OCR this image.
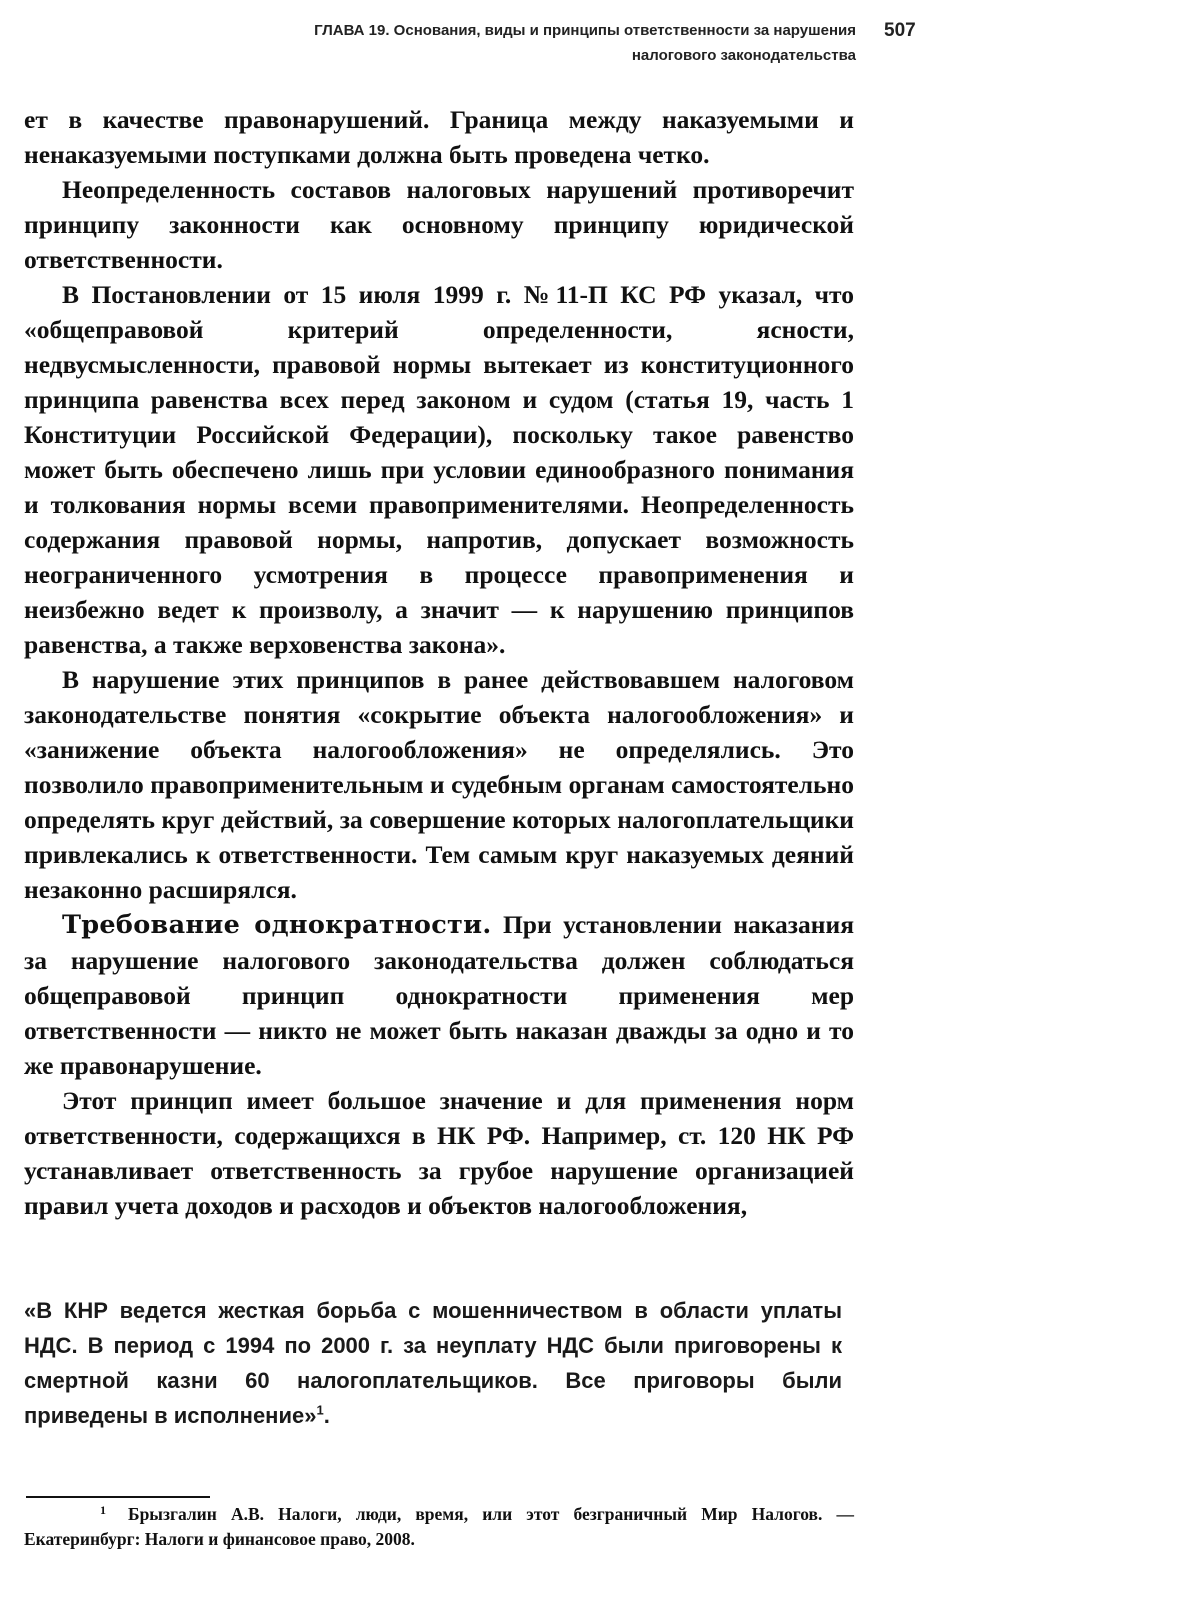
ГЛАВА 19. Основания, виды и принципы ответственности за нарушения
налогового законодательства
507

ет в качестве правонарушений. Граница между наказуемыми и ненаказуемыми поступками должна быть проведена четко.

Неопределенность составов налоговых нарушений противоречит принципу законности как основному принципу юридической ответственности.

В Постановлении от 15 июля 1999 г. №11-П КС РФ указал, что «общеправовой критерий определенности, ясности, недвусмысленности, правовой нормы вытекает из конституционного принципа равенства всех перед законом и судом (статья 19, часть 1 Конституции Российской Федерации), поскольку такое равенство может быть обеспечено лишь при условии единообразного понимания и толкования нормы всеми правоприменителями. Неопределенность содержания правовой нормы, напротив, допускает возможность неограниченного усмотрения в процессе правоприменения и неизбежно ведет к произволу, а значит — к нарушению принципов равенства, а также верховенства закона».

В нарушение этих принципов в ранее действовавшем налоговом законодательстве понятия «сокрытие объекта налогообложения» и «занижение объекта налогообложения» не определялись. Это позволило правоприменительным и судебным органам самостоятельно определять круг действий, за совершение которых налогоплательщики привлекались к ответственности. Тем самым круг наказуемых деяний незаконно расширялся.

Требование однократности. При установлении наказания за нарушение налогового законодательства должен соблюдаться общеправовой принцип однократности применения мер ответственности — никто не может быть наказан дважды за одно и то же правонарушение.

Этот принцип имеет большое значение и для применения норм ответственности, содержащихся в НК РФ. Например, ст. 120 НК РФ устанавливает ответственность за грубое нарушение организацией правил учета доходов и расходов и объектов налогообложения,

«В КНР ведется жесткая борьба с мошенничеством в области уплаты НДС. В период с 1994 по 2000 г. за неуплату НДС были приговорены к смертной казни 60 налогоплательщиков. Все приговоры были приведены в исполнение»$^1$.

1 Брызгалин А.В. Налоги, люди, время, или этот безграничный Мир Налогов. — Екатеринбург: Налоги и финансовое право, 2008.
